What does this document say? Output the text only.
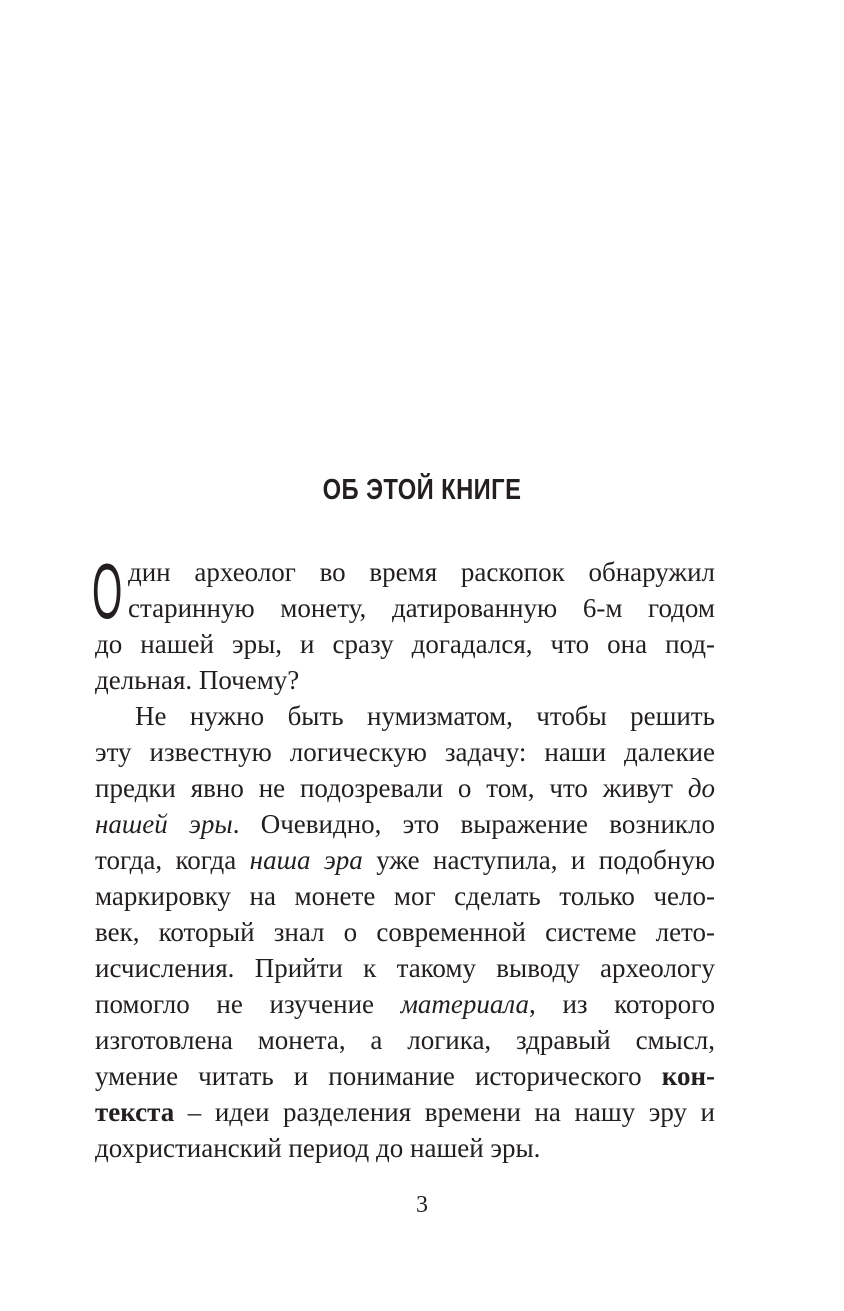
ОБ ЭТОЙ КНИГЕ
О дин археолог во время раскопок обнаружил
старинную монету, датированную 6-м годом
до нашей эры, и сразу догадался, что она под-
дельная. Почему?
Не нужно быть нумизматом, чтобы решить
эту известную логическую задачу: наши далекие
предки явно не подозревали о том, что живут до
нашей эры. Очевидно, это выражение возникло
тогда, когда наша эра уже наступила, и подобную
маркировку на монете мог сделать только чело-
век, который знал о современной системе лето-
исчисления. Прийти к такому выводу археологу
помогло не изучение материала, из которого
изготовлена монета, а логика, здравый смысл,
умение читать и понимание исторического кон-
текста – идеи разделения времени на нашу эру и
дохристианский период до нашей эры.
3
